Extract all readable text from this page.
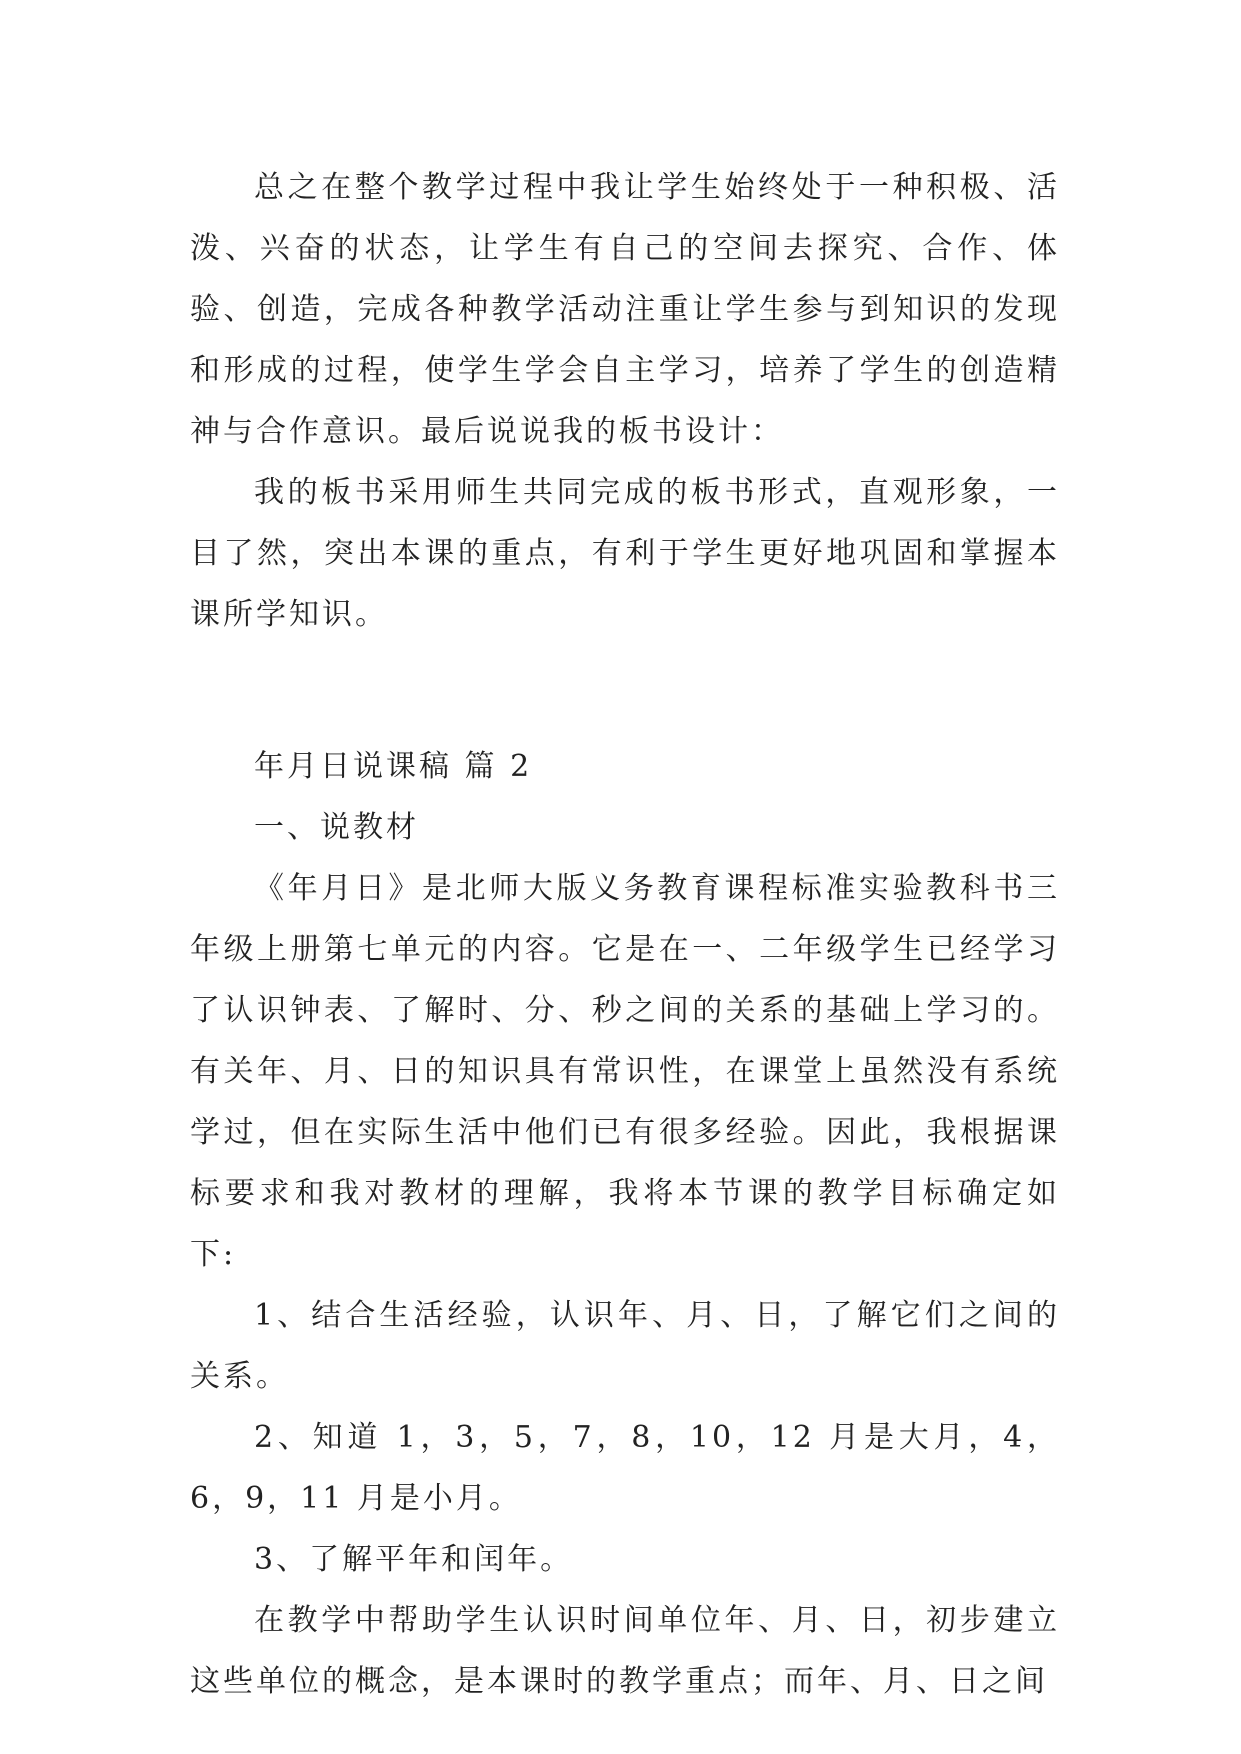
总之在整个教学过程中我让学生始终处于一种积极、活泼、兴奋的状态，让学生有自己的空间去探究、合作、体验、创造，完成各种教学活动注重让学生参与到知识的发现和形成的过程，使学生学会自主学习，培养了学生的创造精神与合作意识。最后说说我的板书设计：

我的板书采用师生共同完成的板书形式，直观形象，一目了然，突出本课的重点，有利于学生更好地巩固和掌握本课所学知识。

年月日说课稿 篇 2

一、说教材

《年月日》是北师大版义务教育课程标准实验教科书三年级上册第七单元的内容。它是在一、二年级学生已经学习了认识钟表、了解时、分、秒之间的关系的基础上学习的。有关年、月、日的知识具有常识性，在课堂上虽然没有系统学过，但在实际生活中他们已有很多经验。因此，我根据课标要求和我对教材的理解，我将本节课的教学目标确定如下:

1、结合生活经验，认识年、月、日，了解它们之间的关系。

2、知道 1，3，5，7，8，10，12 月是大月，4，6，9，11 月是小月。

3、了解平年和闰年。

在教学中帮助学生认识时间单位年、月、日，初步建立这些单位的概念，是本课时的教学重点；而年、月、日之间
